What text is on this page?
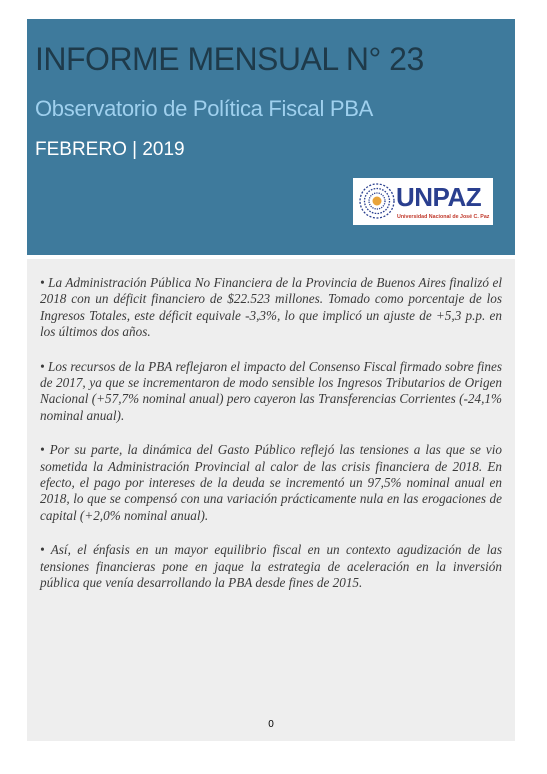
INFORME MENSUAL N° 23
Observatorio de Política Fiscal PBA
FEBRERO | 2019
UNPAZ
Universidad Nacional de José C. Paz

• La Administración Pública No Financiera de la Provincia de Buenos Aires finalizó el 2018 con un déficit financiero de $22.523 millones. Tomado como porcentaje de los Ingresos Totales, este déficit equivale -3,3%, lo que implicó un ajuste de +5,3 p.p. en los últimos dos años.

• Los recursos de la PBA reflejaron el impacto del Consenso Fiscal firmado sobre fines de 2017, ya que se incrementaron de modo sensible los Ingresos Tributarios de Origen Nacional (+57,7% nominal anual) pero cayeron las Transferencias Corrientes (-24,1% nominal anual).

• Por su parte, la dinámica del Gasto Público reflejó las tensiones a las que se vio sometida la Administración Provincial al calor de las crisis financiera de 2018. En efecto, el pago por intereses de la deuda se incrementó un 97,5% nominal anual en 2018, lo que se compensó con una variación prácticamente nula en las erogaciones de capital (+2,0% nominal anual).

• Así, el énfasis en un mayor equilibrio fiscal en un contexto agudización de las tensiones financieras pone en jaque la estrategia de aceleración en la inversión pública que venía desarrollando la PBA desde fines de 2015.

0
